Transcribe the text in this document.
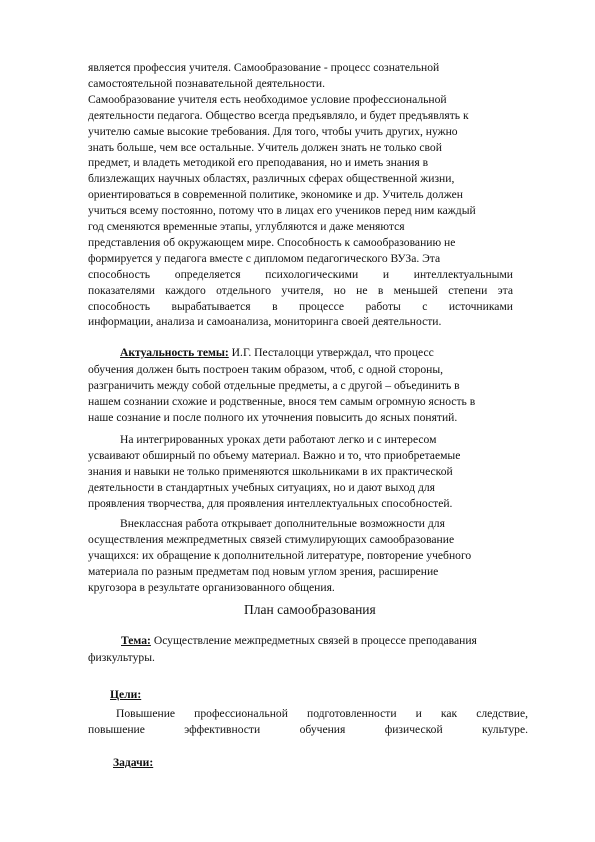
является профессия учителя. Самообразование - процесс сознательной
самостоятельной познавательной деятельности.
Самообразование учителя есть необходимое условие профессиональной
деятельности педагога. Общество всегда предъявляло, и будет предъявлять к
учителю самые высокие требования. Для того, чтобы учить других, нужно
знать больше, чем все остальные. Учитель должен знать не только свой
предмет, и владеть методикой его преподавания, но и иметь знания в
близлежащих научных областях, различных сферах общественной жизни,
ориентироваться в современной политике, экономике и др. Учитель должен
учиться всему постоянно, потому что в лицах его учеников перед ним каждый
год сменяются временные этапы, углубляются и даже меняются
представления об окружающем мире. Способность к самообразованию не
формируется у педагога вместе с дипломом педагогического ВУЗа. Эта
способность определяется психологическими и интеллектуальными
показателями каждого отдельного учителя, но не в меньшей степени эта
способность вырабатывается в процессе работы с источниками
информации, анализа и самоанализа, мониторинга своей деятельности.
Актуальность темы: И.Г. Песталоцци утверждал, что процесс
обучения должен быть построен таким образом, чтоб, с одной стороны,
разграничить между собой отдельные предметы, а с другой – объединить в
нашем сознании схожие и родственные, внося тем самым огромную ясность в
наше сознание и после полного их уточнения повысить до ясных понятий.
На интегрированных уроках дети работают легко и с интересом
усваивают обширный по объему материал. Важно и то, что приобретаемые
знания и навыки не только применяются школьниками в их практической
деятельности в стандартных учебных ситуациях, но и дают выход для
проявления творчества, для проявления интеллектуальных способностей.
Внеклассная работа открывает дополнительные возможности для
осуществления межпредметных связей стимулирующих самообразование
учащихся: их обращение к дополнительной литературе, повторение учебного
материала по разным предметам под новым углом зрения, расширение
кругозора в результате организованного общения.
План самообразования
Тема: Осуществление межпредметных связей в процессе преподавания
физкультуры.
Цели:
Повышение профессиональной подготовленности и как следствие,
повышение эффективности обучения физической культуре.
Задачи:
